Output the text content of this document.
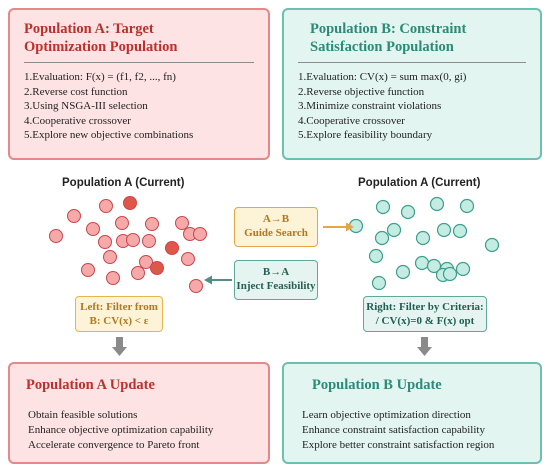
Population A: Target
Optimization Population
1.Evaluation: F(x) = (f1, f2, ..., fn)
2.Reverse cost function
3.Using NSGA-III selection
4.Cooperative crossover
5.Explore new objective combinations
Population B: Constraint
Satisfaction Population
1.Evaluation: CV(x) = sum max(0, gi)
2.Reverse objective function
3.Minimize constraint violations
4.Cooperative crossover
5.Explore feasibility boundary
Population A (Current)	Population A (Current)
A→B
Guide Search
B→A
Inject Feasibility
Left: Filter from
B: CV(x) < ε
Right: Filter by Criteria:
/ CV(x)=0 & F(x) opt
Population A Update
Obtain feasible solutions
Enhance objective optimization capability
Accelerate convergence to Pareto front
Population B Update
Learn objective optimization direction
Enhance constraint satisfaction capability
Explore better constraint satisfaction region
